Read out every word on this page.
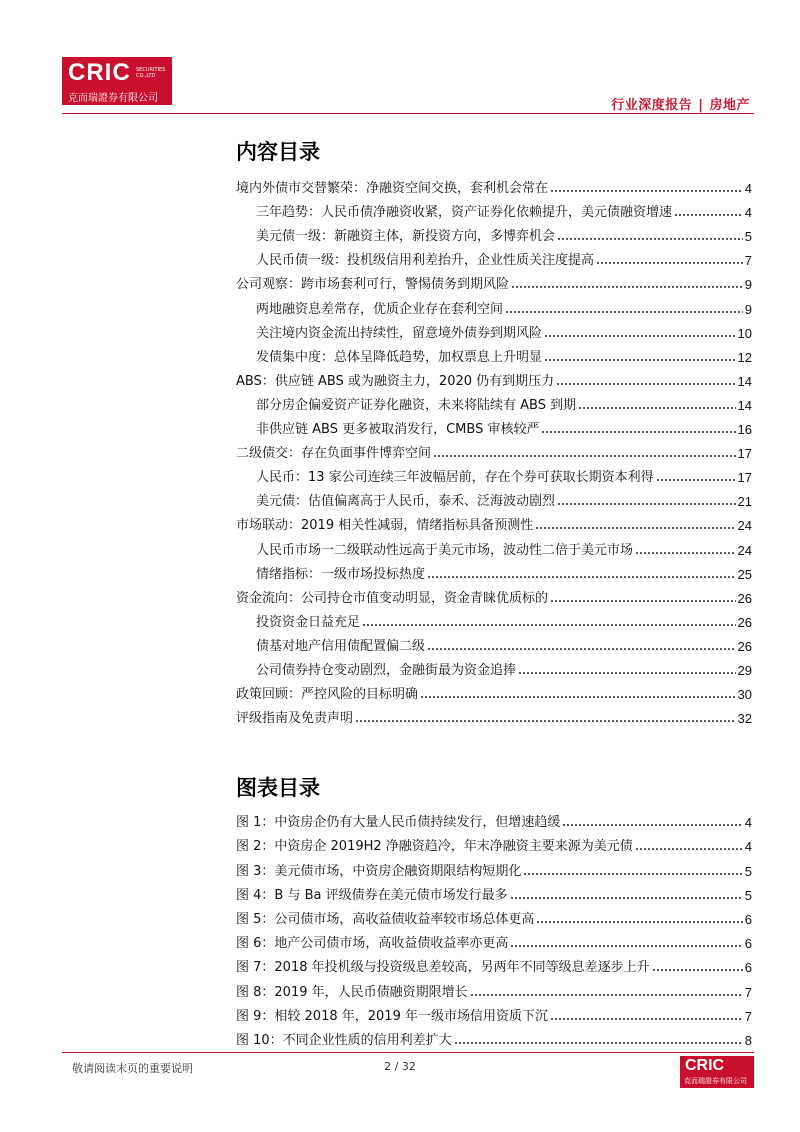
CRIC SECURITIES CO.,LTD
克而瑞證券有限公司	行业深度报告 | 房地产
内容目录
境内外债市交替繁荣：净融资空间交换，套利机会常在	4
三年趋势：人民币债净融资收紧，资产证券化依赖提升，美元债融资增速	4
美元债一级：新融资主体，新投资方向，多博弈机会	5
人民币债一级：投机级信用利差抬升，企业性质关注度提高	7
公司观察：跨市场套利可行，警惕债务到期风险	9
两地融资息差常存，优质企业存在套利空间	9
关注境内资金流出持续性，留意境外债券到期风险	10
发债集中度：总体呈降低趋势，加权票息上升明显	12
ABS：供应链 ABS 或为融资主力，2020 仍有到期压力	14
部分房企偏爱资产证券化融资，未来将陆续有 ABS 到期	14
非供应链 ABS 更多被取消发行，CMBS 审核较严	16
二级债交：存在负面事件博弈空间	17
人民币：13 家公司连续三年波幅居前，存在个券可获取长期资本利得	17
美元债：估值偏离高于人民币，泰禾、泛海波动剧烈	21
市场联动：2019 相关性减弱，情绪指标具备预测性	24
人民币市场一二级联动性远高于美元市场，波动性二倍于美元市场	24
情绪指标：一级市场投标热度	25
资金流向：公司持仓市值变动明显，资金青睐优质标的	26
投资资金日益充足	26
债基对地产信用债配置偏二级	26
公司债券持仓变动剧烈，金融街最为资金追捧	29
政策回顾：严控风险的目标明确	30
评级指南及免责声明	32
图表目录
图 1：中资房企仍有大量人民币债持续发行，但增速趋缓	4
图 2：中资房企 2019H2 净融资趋冷，年末净融资主要来源为美元债	4
图 3：美元债市场，中资房企融资期限结构短期化	5
图 4：B 与 Ba 评级债券在美元债市场发行最多	5
图 5：公司债市场，高收益债收益率较市场总体更高	6
图 6：地产公司债市场，高收益债收益率亦更高	6
图 7：2018 年投机级与投资级息差较高，另两年不同等级息差逐步上升	6
图 8：2019 年，人民币债融资期限增长	7
图 9：相较 2018 年，2019 年一级市场信用资质下沉	7
图 10：不同企业性质的信用利差扩大	8
敬请阅读末页的重要说明	2 / 32	CRIC
克而瑞證券有限公司
